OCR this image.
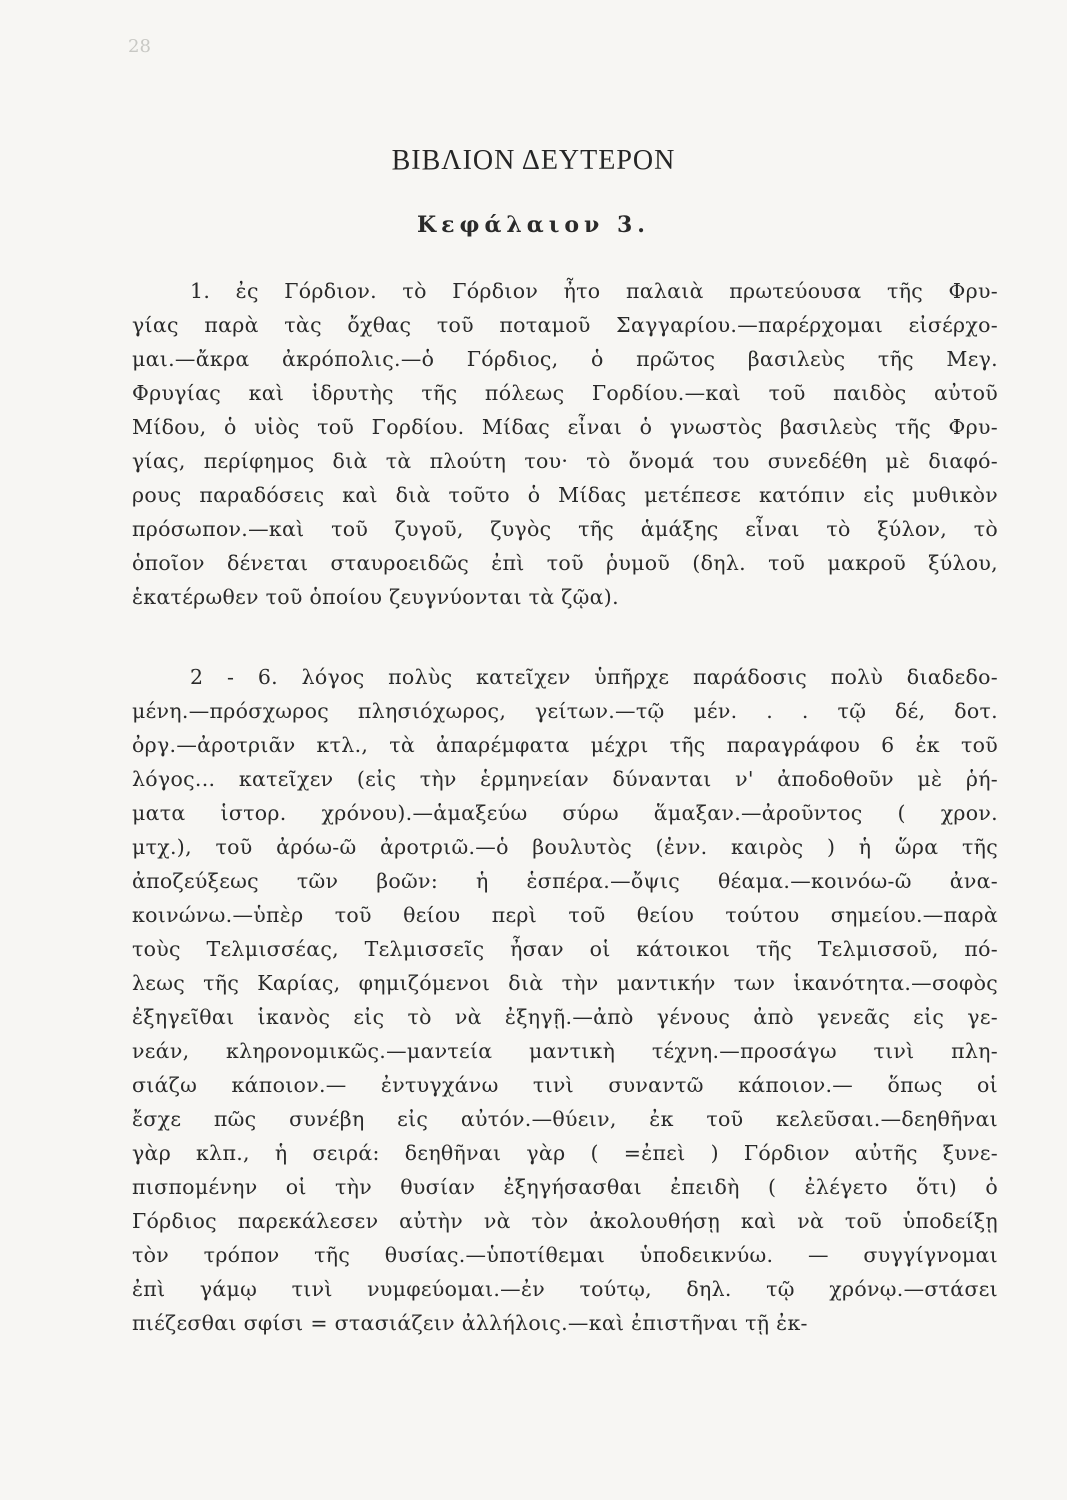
28
ΒΙΒΛΙΟΝ ΔΕΥΤΕΡΟΝ
Κεφάλαιον 3.
1. ἐς Γόρδιον. τὸ Γόρδιον ἦτο παλαιὰ πρωτεύουσα τῆς Φρυ-
γίας παρὰ τὰς ὄχθας τοῦ ποταμοῦ Σαγγαρίου.—παρέρχομαι εἰσέρχο-
μαι.—ἄκρα ἀκρόπολις.—ὁ Γόρδιος, ὁ πρῶτος βασιλεὺς τῆς Μεγ.
Φρυγίας καὶ ἱδρυτὴς τῆς πόλεως Γορδίου.—καὶ τοῦ παιδὸς αὐτοῦ
Μίδου, ὁ υἱὸς τοῦ Γορδίου. Μίδας εἶναι ὁ γνωστὸς βασιλεὺς τῆς Φρυ-
γίας, περίφημος διὰ τὰ πλούτη του· τὸ ὄνομά του συνεδέθη μὲ διαφό-
ρους παραδόσεις καὶ διὰ τοῦτο ὁ Μίδας μετέπεσε κατόπιν εἰς μυθικὸν
πρόσωπον.—καὶ τοῦ ζυγοῦ, ζυγὸς τῆς ἁμάξης εἶναι τὸ ξύλον, τὸ
ὁποῖον δένεται σταυροειδῶς ἐπὶ τοῦ ῥυμοῦ (δηλ. τοῦ μακροῦ ξύλου,
ἑκατέρωθεν τοῦ ὁποίου ζευγνύονται τὰ ζῷα).
2 - 6. λόγος πολὺς κατεῖχεν ὑπῆρχε παράδοσις πολὺ διαδεδο-
μένη.—πρόσχωρος πλησιόχωρος, γείτων.—τῷ μέν. . . τῷ δέ, δοτ.
ὀργ.—ἀροτριᾶν κτλ., τὰ ἀπαρέμφατα μέχρι τῆς παραγράφου 6 ἐκ τοῦ
λόγος... κατεῖχεν (εἰς τὴν ἑρμηνείαν δύνανται ν' ἀποδοθοῦν μὲ ῥή-
ματα ἱστορ. χρόνου).—ἁμαξεύω σύρω ἅμαξαν.—ἀροῦντος ( χρον.
μτχ.), τοῦ ἀρόω-ῶ ἀροτριῶ.—ὁ βουλυτὸς (ἐνν. καιρὸς ) ἡ ὥρα τῆς
ἀποζεύξεως τῶν βοῶν: ἡ ἑσπέρα.—ὄψις θέαμα.—κοινόω-ῶ ἀνα-
κοινώνω.—ὑπὲρ τοῦ θείου περὶ τοῦ θείου τούτου σημείου.—παρὰ
τοὺς Τελμισσέας, Τελμισσεῖς ἦσαν οἱ κάτοικοι τῆς Τελμισσοῦ, πό-
λεως τῆς Καρίας, φημιζόμενοι διὰ τὴν μαντικήν των ἱκανότητα.—σοφὸς
ἐξηγεῖθαι ἱκανὸς εἰς τὸ νὰ ἐξηγῇ.—ἀπὸ γένους ἀπὸ γενεᾶς εἰς γε-
νεάν, κληρονομικῶς.—μαντεία μαντικὴ τέχνη.—προσάγω τινὶ πλη-
σιάζω κάποιον.— ἐντυγχάνω τινὶ συναντῶ κάποιον.— ὅπως οἱ
ἔσχε πῶς συνέβη εἰς αὐτόν.—θύειν, ἐκ τοῦ κελεῦσαι.—δεηθῆναι
γὰρ κλπ., ἡ σειρά: δεηθῆναι γὰρ ( =ἐπεὶ ) Γόρδιον αὐτῆς ξυνε-
πισπομένην οἱ τὴν θυσίαν ἐξηγήσασθαι ἐπειδὴ ( ἐλέγετο ὅτι) ὁ
Γόρδιος παρεκάλεσεν αὐτὴν νὰ τὸν ἀκολουθήσῃ καὶ νὰ τοῦ ὑποδείξῃ
τὸν τρόπον τῆς θυσίας.—ὑποτίθεμαι ὑποδεικνύω. — συγγίγνομαι
ἐπὶ γάμῳ τινὶ νυμφεύομαι.—ἐν τούτῳ, δηλ. τῷ χρόνῳ.—στάσει
πιέζεσθαι σφίσι = στασιάζειν ἀλλήλοις.—καὶ ἐπιστῆναι τῇ ἐκ-
